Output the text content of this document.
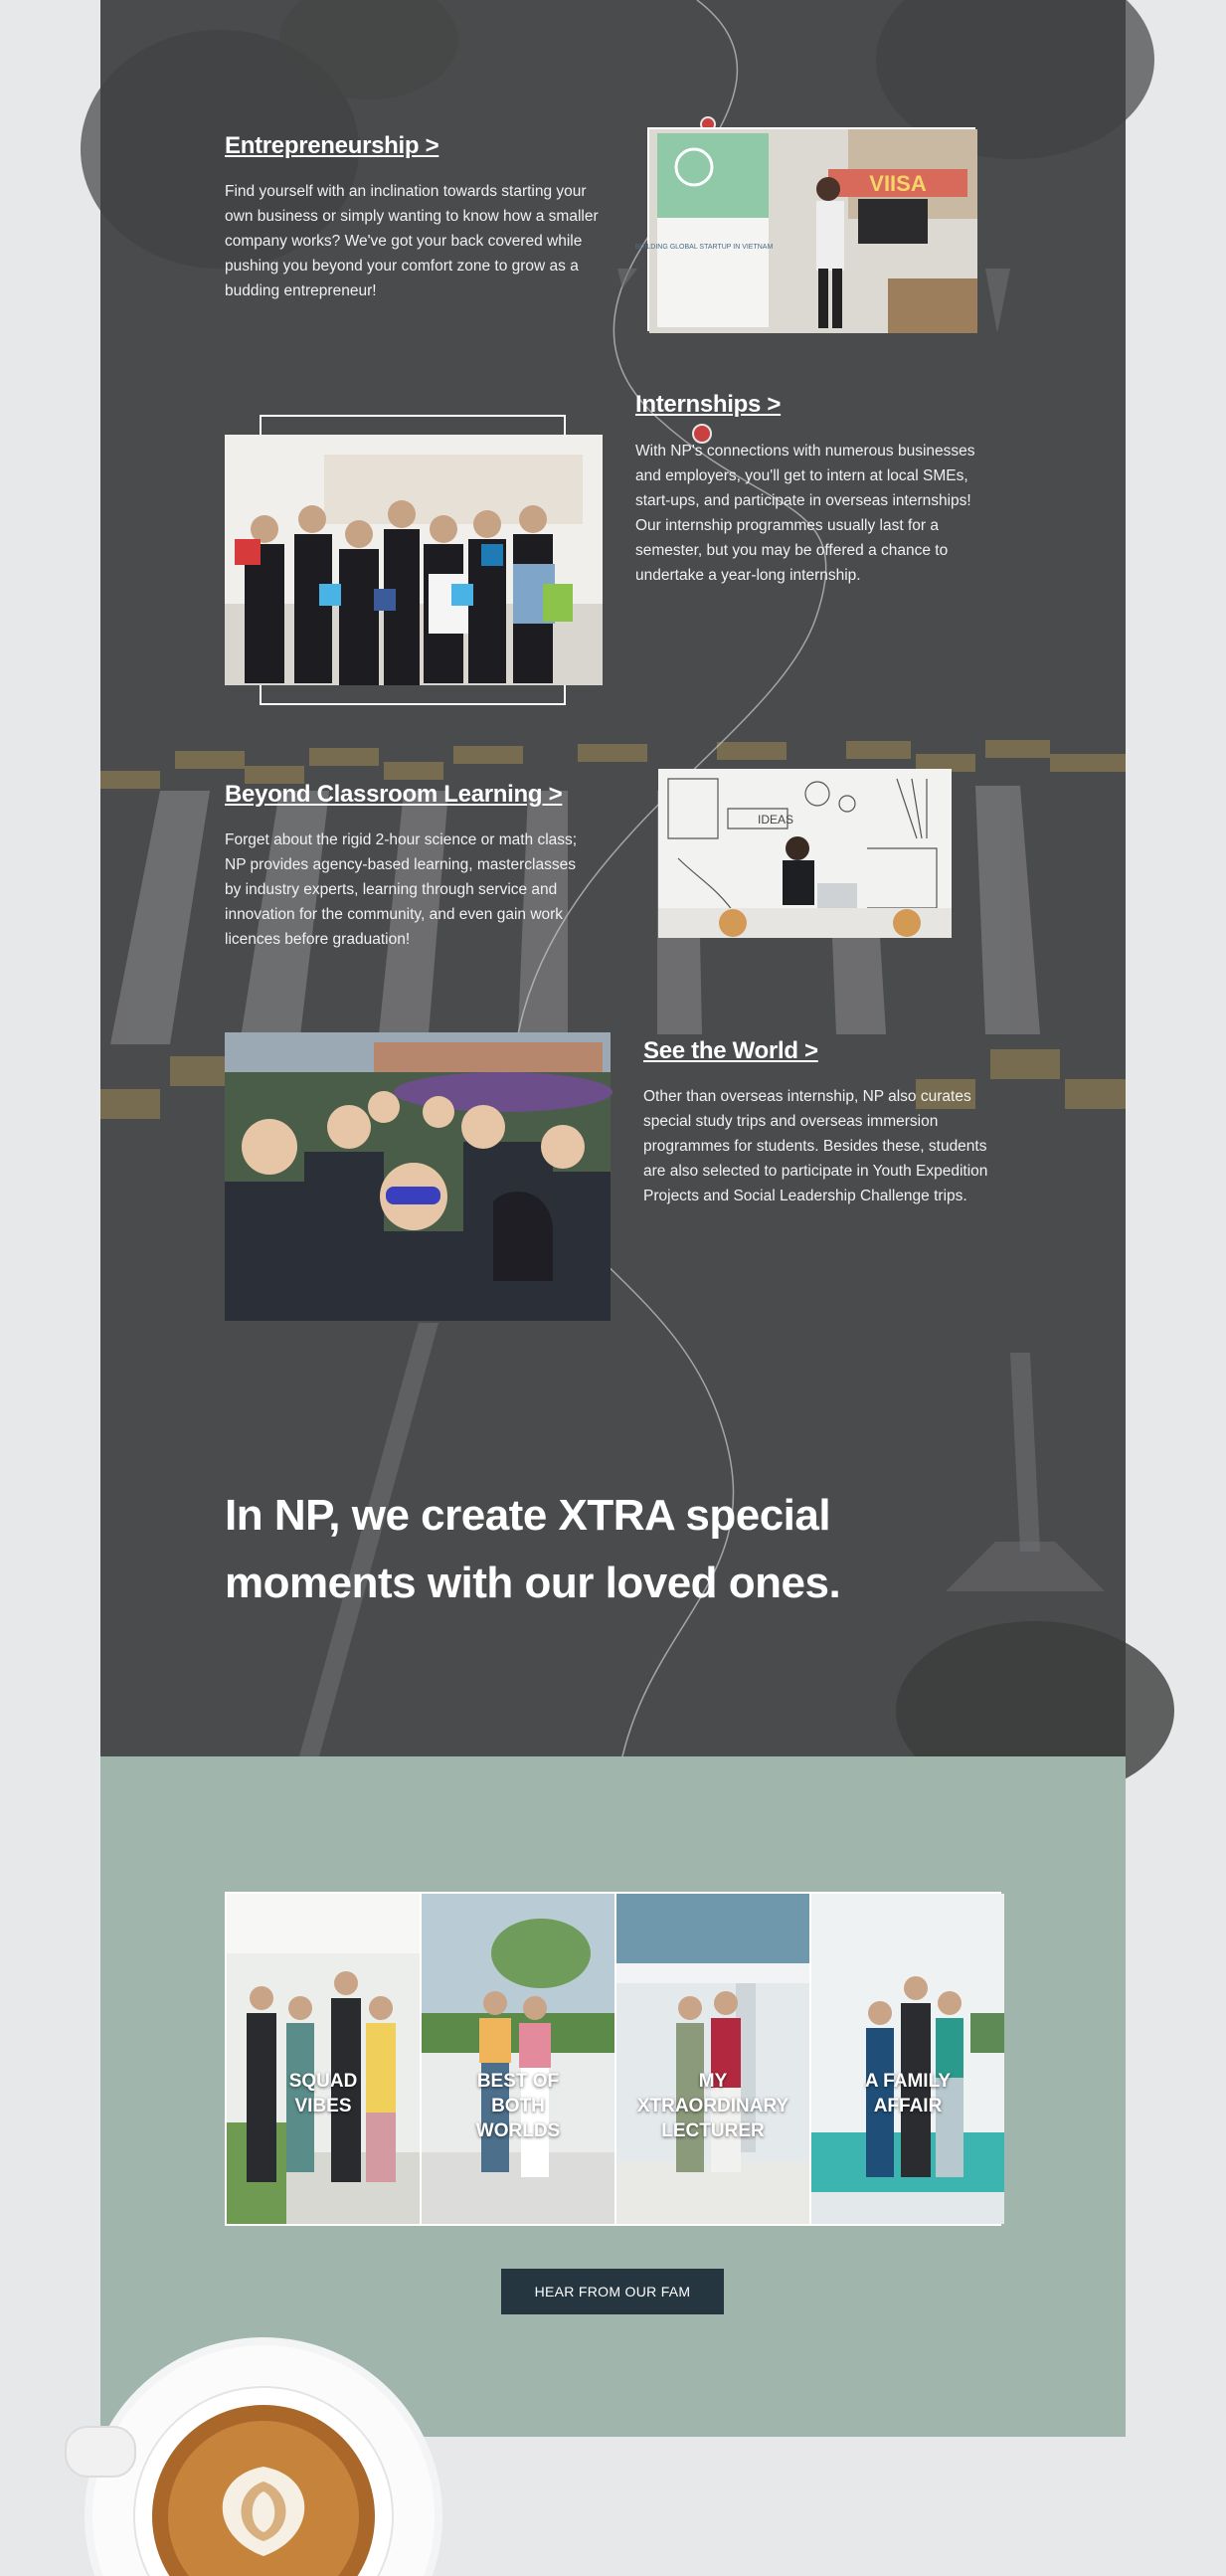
Entrepreneurship >

Find yourself with an inclination towards starting your own business or simply wanting to know how a smaller company works? We've got your back covered while pushing you beyond your comfort zone to grow as a budding entrepreneur!

BUILDING GLOBAL STARTUP IN VIETNAM
VIISA
Internships >

With NP's connections with numerous businesses and employers, you'll get to intern at local SMEs, start-ups, and participate in overseas internships! Our internship programmes usually last for a semester, but you may be offered a chance to undertake a year-long internship.

Beyond Classroom Learning >

Forget about the rigid 2-hour science or math class; NP provides agency-based learning, masterclasses by industry experts, learning through service and innovation for the community, and even gain work licences before graduation!

IDEAS
See the World >

Other than overseas internship, NP also curates special study trips and overseas immersion programmes for students. Besides these, students are also selected to participate in Youth Expedition Projects and Social Leadership Challenge trips.

In NP, we create XTRA special moments with our loved ones.
SQUAD VIBES
BEST OF BOTH WORLDS
MY XTRAORDINARY LECTURER
A FAMILY AFFAIR
HEAR FROM OUR FAM
